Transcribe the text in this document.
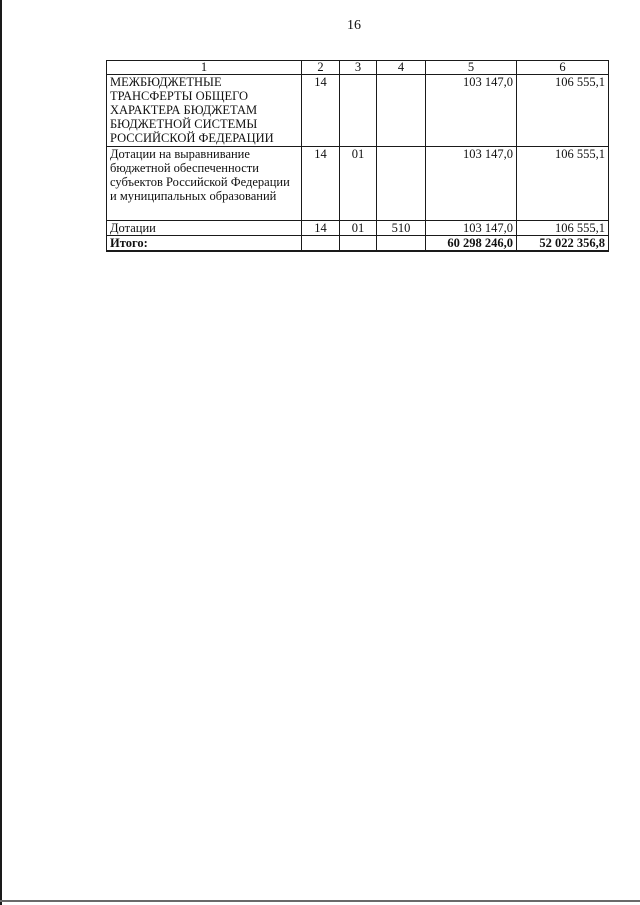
16
1	2	3	4	5	6
МЕЖБЮДЖЕТНЫЕ ТРАНСФЕРТЫ ОБЩЕГО ХАРАКТЕРА БЮДЖЕТАМ БЮДЖЕТНОЙ СИСТЕМЫ РОССИЙСКОЙ ФЕДЕРАЦИИ	14			103 147,0	106 555,1
Дотации на выравнивание бюджетной обеспеченности субъектов Российской Федерации и муниципальных образований	14	01		103 147,0	106 555,1
Дотации	14	01	510	103 147,0	106 555,1
Итого:				60 298 246,0	52 022 356,8
